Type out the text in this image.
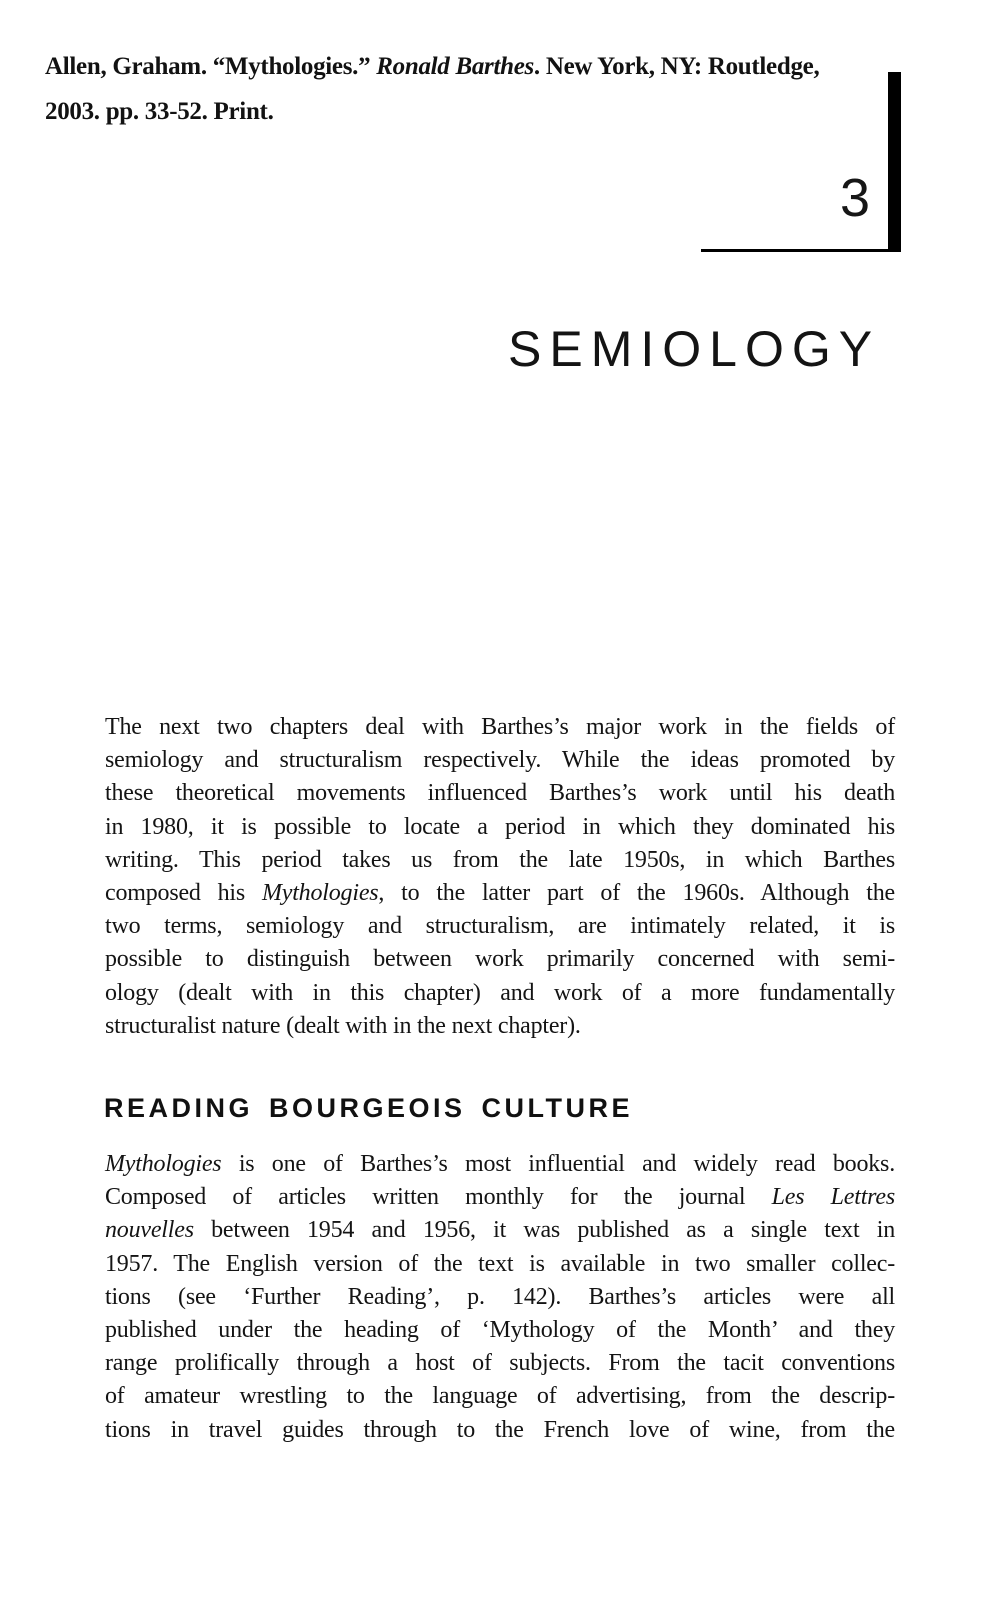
Allen, Graham. “Mythologies.” Ronald Barthes. New York, NY: Routledge,
2003. pp. 33-52. Print.
3
SEMIOLOGY
The next two chapters deal with Barthes’s major work in the fields of
semiology and structuralism respectively. While the ideas promoted by
these theoretical movements influenced Barthes’s work until his death
in 1980, it is possible to locate a period in which they dominated his
writing. This period takes us from the late 1950s, in which Barthes
composed his Mythologies, to the latter part of the 1960s. Although the
two terms, semiology and structuralism, are intimately related, it is
possible to distinguish between work primarily concerned with semi-
ology (dealt with in this chapter) and work of a more fundamentally
structuralist nature (dealt with in the next chapter).
READING BOURGEOIS CULTURE
Mythologies is one of Barthes’s most influential and widely read books.
Composed of articles written monthly for the journal Les Lettres
nouvelles between 1954 and 1956, it was published as a single text in
1957. The English version of the text is available in two smaller collec-
tions (see ‘Further Reading’, p. 142). Barthes’s articles were all
published under the heading of ‘Mythology of the Month’ and they
range prolifically through a host of subjects. From the tacit conventions
of amateur wrestling to the language of advertising, from the descrip-
tions in travel guides through to the French love of wine, from the
